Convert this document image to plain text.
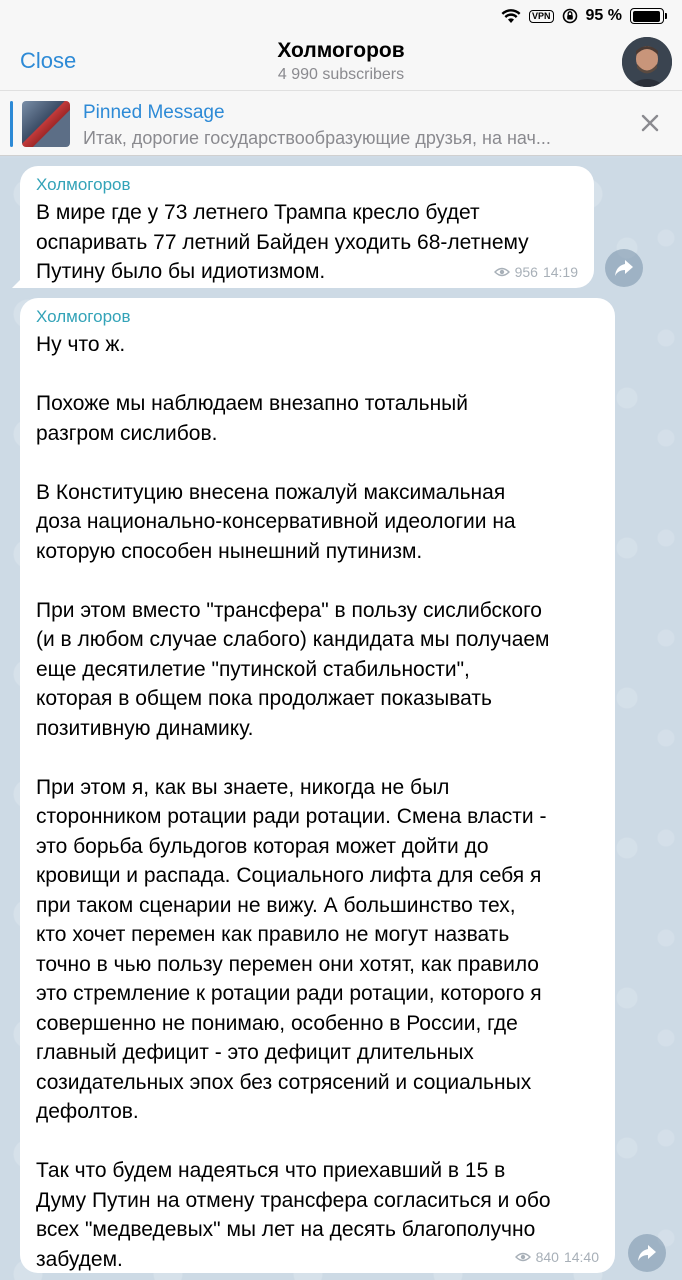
VPN 95 %
Close	Холмогоров
4 990 subscribers
Pinned Message
Итак, дорогие государствообразующие друзья, на нач...
Холмогоров
В мире где у 73 летнего Трампа кресло будет
оспаривать 77 летний Байден уходить 68-летнему
Путину было бы идиотизмом.	956 14:19
Холмогоров
Ну что ж.

Похоже мы наблюдаем внезапно тотальный
разгром сислибов.

В Конституцию внесена пожалуй максимальная
доза национально-консервативной идеологии на
которую способен нынешний путинизм.

При этом вместо "трансфера" в пользу сислибского
(и в любом случае слабого) кандидата мы получаем
еще десятилетие "путинской стабильности",
которая в общем пока продолжает показывать
позитивную динамику.

При этом я, как вы знаете, никогда не был
сторонником ротации ради ротации. Смена власти -
это борьба бульдогов которая может дойти до
кровищи и распада. Социального лифта для себя я
при таком сценарии не вижу. А большинство тех,
кто хочет перемен как правило не могут назвать
точно в чью пользу перемен они хотят, как правило
это стремление к ротации ради ротации, которого я
совершенно не понимаю, особенно в России, где
главный дефицит - это дефицит длительных
созидательных эпох без сотрясений и социальных
дефолтов.

Так что будем надеяться что приехавший в 15 в
Думу Путин на отмену трансфера согласиться и обо
всех "медведевых" мы лет на десять благополучно
забудем.	840 14:40
